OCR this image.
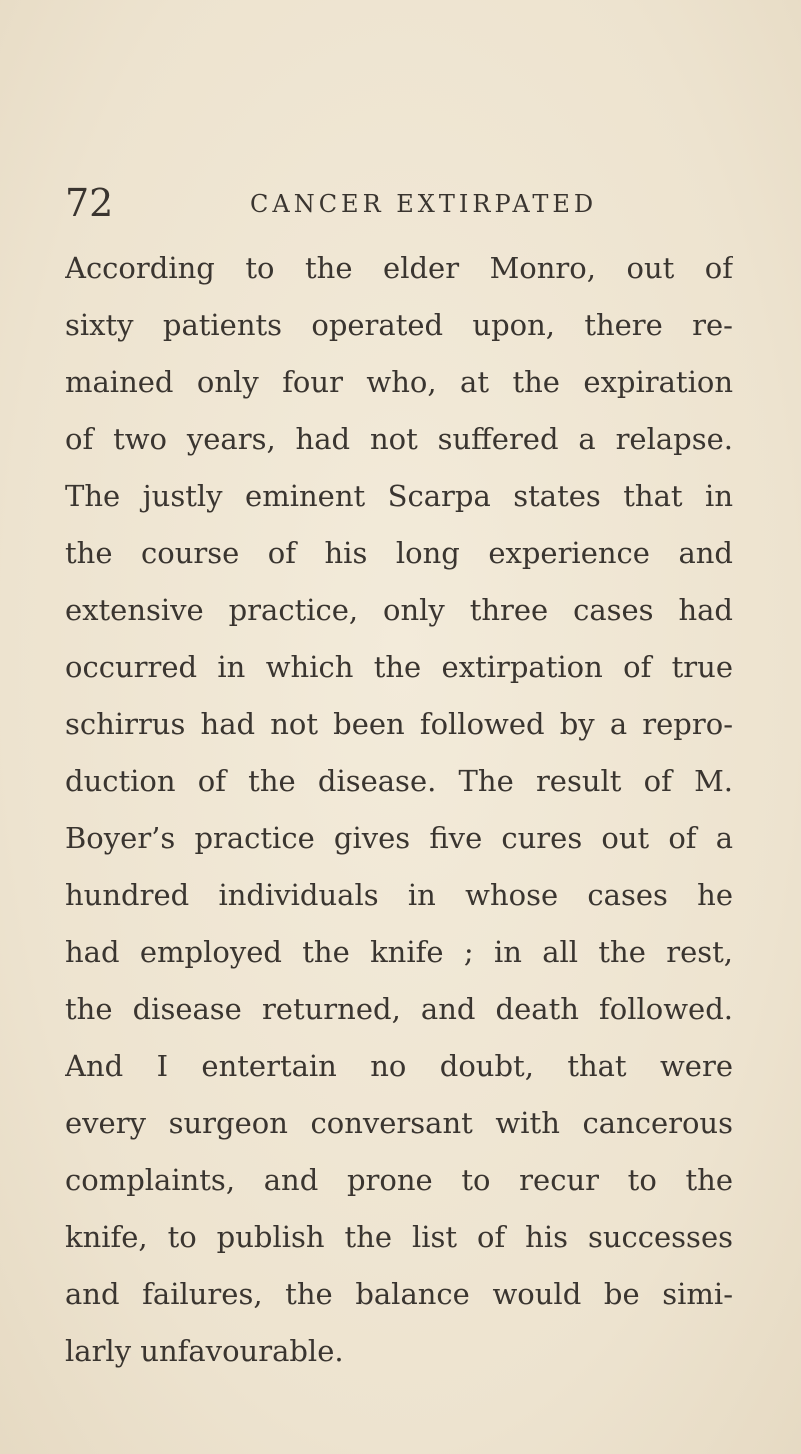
72	CANCER EXTIRPATED
According to the elder Monro, out of
sixty patients operated upon, there re-
mained only four who, at the expiration
of two years, had not suffered a relapse.
The justly eminent Scarpa states that in
the course of his long experience and
extensive practice, only three cases had
occurred in which the extirpation of true
schirrus had not been followed by a repro-
duction of the disease. The result of M.
Boyer’s practice gives five cures out of a
hundred individuals in whose cases he
had employed the knife ; in all the rest,
the disease returned, and death followed.
And I entertain no doubt, that were
every surgeon conversant with cancerous
complaints, and prone to recur to the
knife, to publish the list of his successes
and failures, the balance would be simi-
larly unfavourable.
